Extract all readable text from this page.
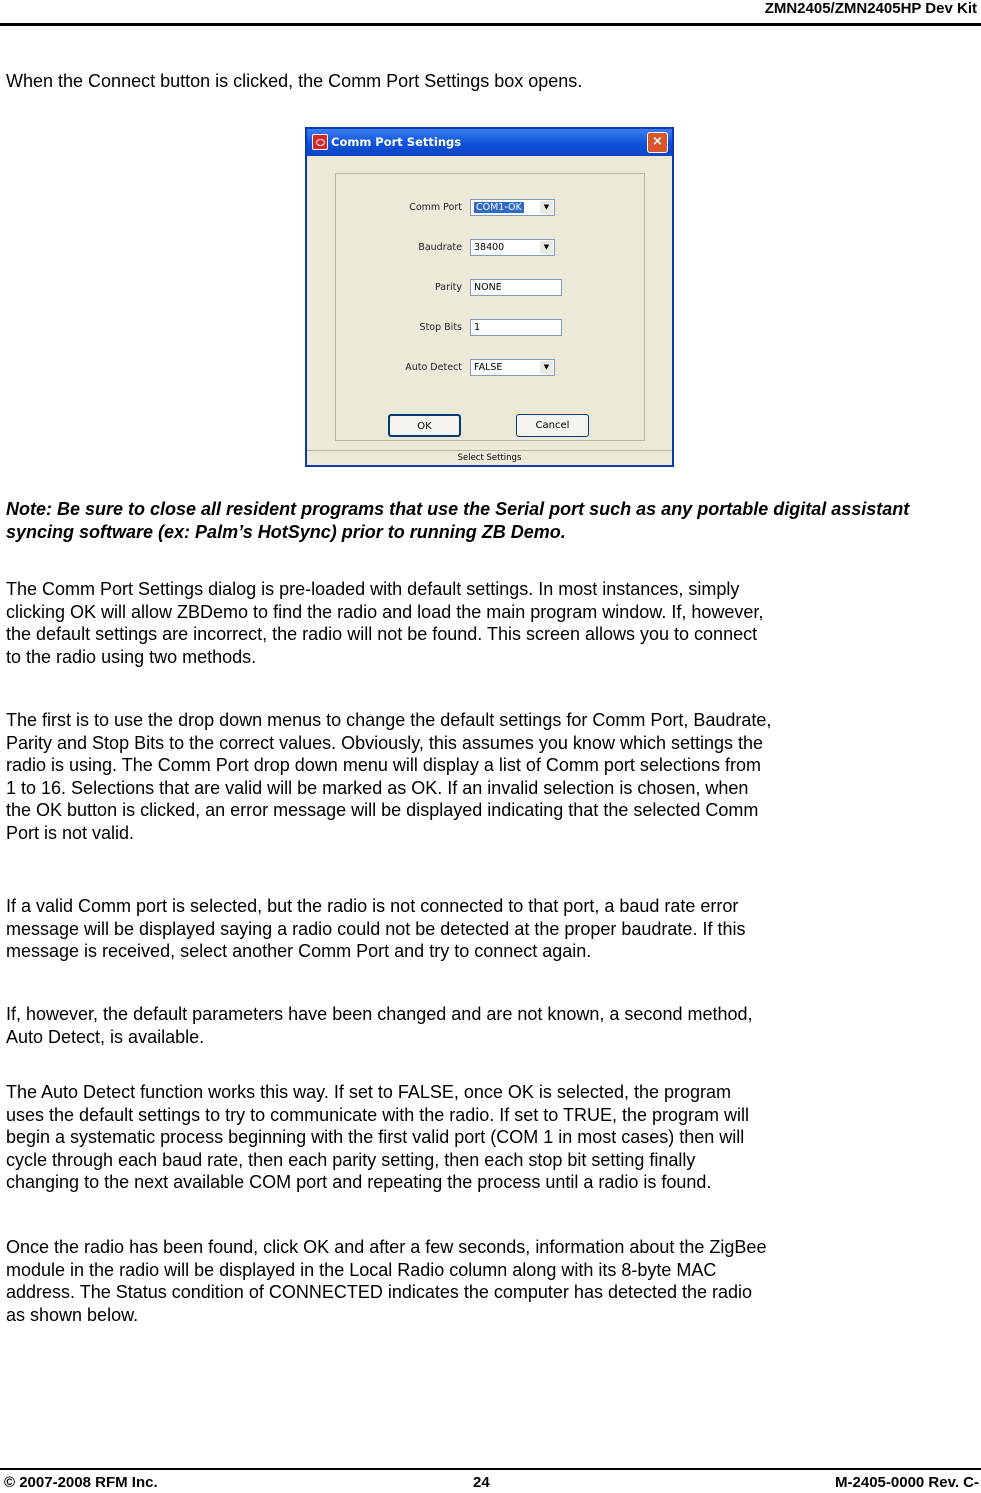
ZMN2405/ZMN2405HP Dev Kit

When the Connect button is clicked, the Comm Port Settings box opens.

Comm Port Settings	×
Comm Port	COM1-OK	▼
Baudrate	38400	▼
Parity	NONE
Stop Bits	1
Auto Detect	FALSE	▼
OK	Cancel
Select Settings

Note: Be sure to close all resident programs that use the Serial port such as any portable digital assistant syncing software (ex: Palm’s HotSync) prior to running ZB Demo.

The Comm Port Settings dialog is pre-loaded with default settings. In most instances, simply
clicking OK will allow ZBDemo to find the radio and load the main program window. If, however,
the default settings are incorrect, the radio will not be found. This screen allows you to connect
to the radio using two methods.

The first is to use the drop down menus to change the default settings for Comm Port, Baudrate,
Parity and Stop Bits to the correct values. Obviously, this assumes you know which settings the
radio is using. The Comm Port drop down menu will display a list of Comm port selections from
1 to 16. Selections that are valid will be marked as OK. If an invalid selection is chosen, when
the OK button is clicked, an error message will be displayed indicating that the selected Comm
Port is not valid.

If a valid Comm port is selected, but the radio is not connected to that port, a baud rate error
message will be displayed saying a radio could not be detected at the proper baudrate. If this
message is received, select another Comm Port and try to connect again.

If, however, the default parameters have been changed and are not known, a second method,
Auto Detect, is available.

The Auto Detect function works this way. If set to FALSE, once OK is selected, the program
uses the default settings to try to communicate with the radio. If set to TRUE, the program will
begin a systematic process beginning with the first valid port (COM 1 in most cases) then will
cycle through each baud rate, then each parity setting, then each stop bit setting finally
changing to the next available COM port and repeating the process until a radio is found.

Once the radio has been found, click OK and after a few seconds, information about the ZigBee
module in the radio will be displayed in the Local Radio column along with its 8-byte MAC
address. The Status condition of CONNECTED indicates the computer has detected the radio
as shown below.

© 2007-2008 RFM Inc.	24	M-2405-0000 Rev. C-
